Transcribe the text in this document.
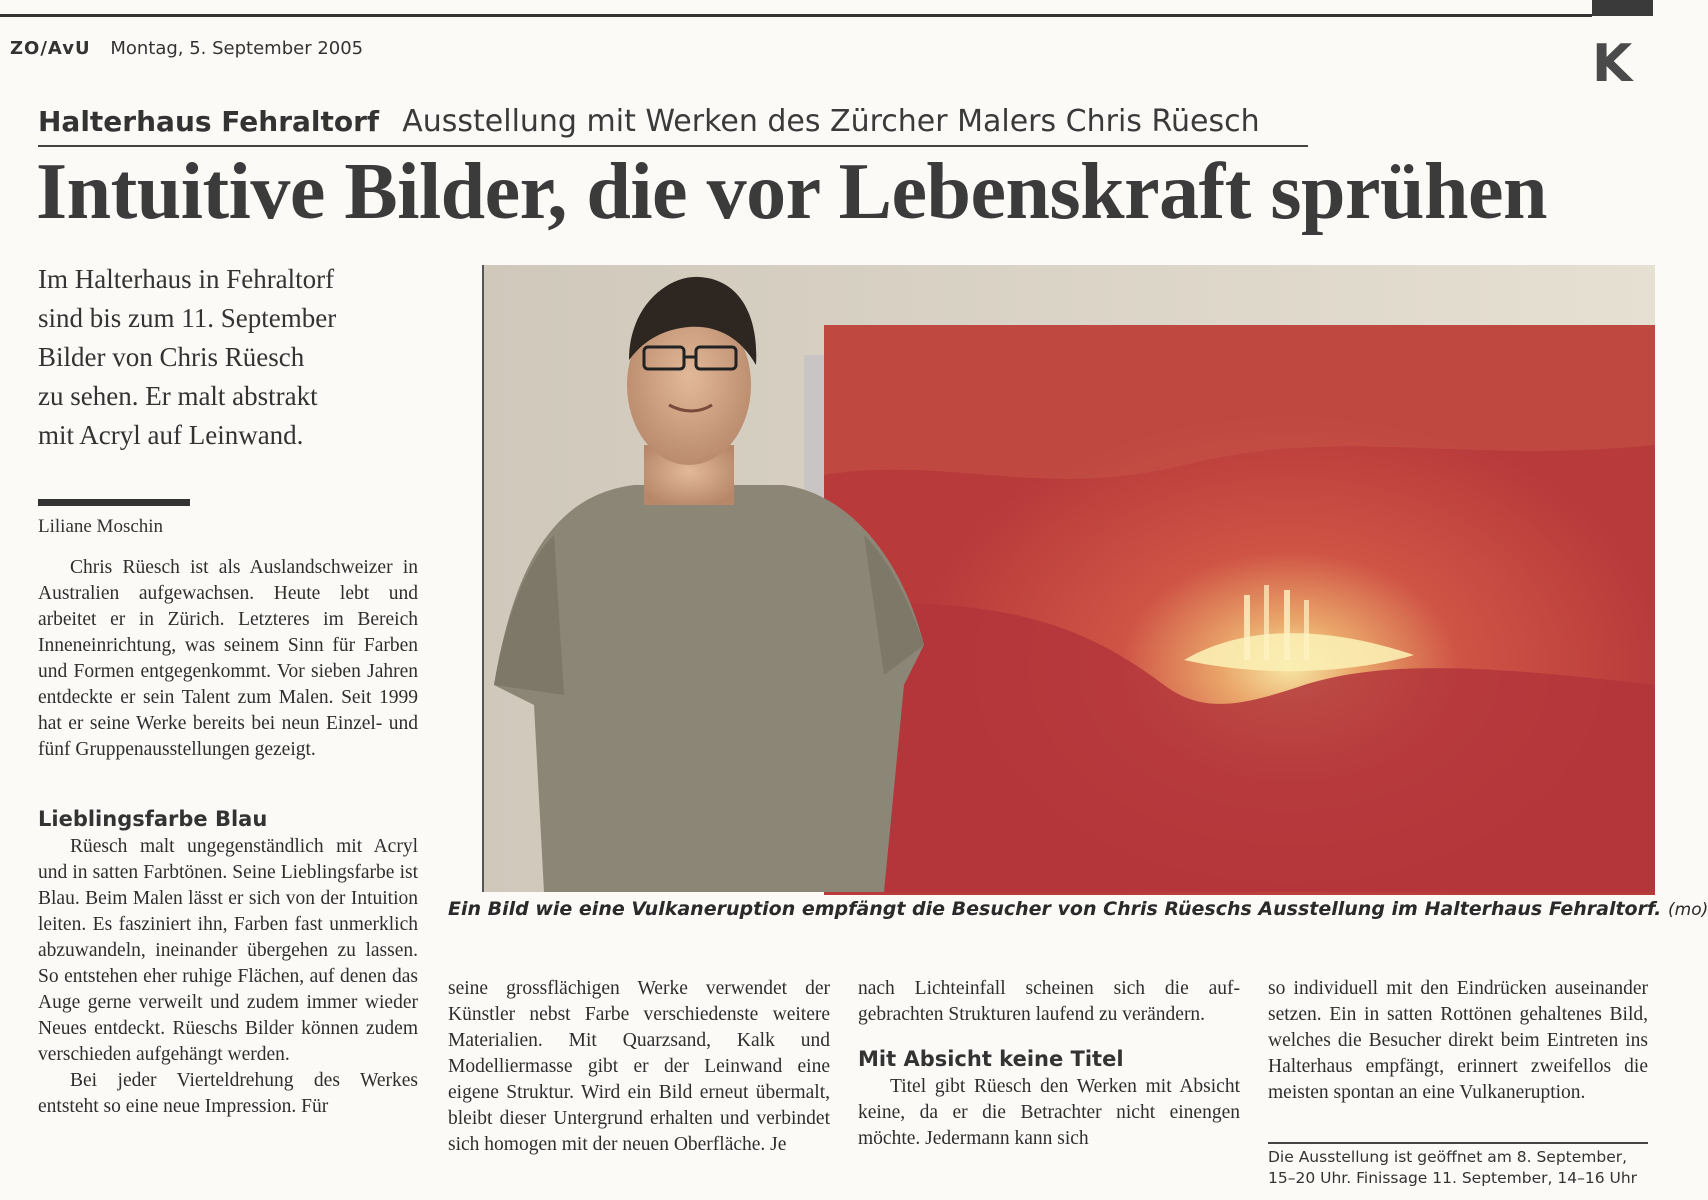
K
ZO/AvU Montag, 5. September 2005
Halterhaus Fehraltorf Ausstellung mit Werken des Zürcher Malers Chris Rüesch
Intuitive Bilder, die vor Lebenskraft sprühen
Im Halterhaus in Fehraltorf
sind bis zum 11. September
Bilder von Chris Rüesch
zu sehen. Er malt abstrakt
mit Acryl auf Leinwand.
Liliane Moschin

Chris Rüesch ist als Auslandschweizer in Australien aufgewachsen. Heute lebt und arbeitet er in Zürich. Letzteres im Bereich Inneneinrichtung, was seinem Sinn für Farben und Formen entgegenkommt. Vor sieben Jahren entdeckte er sein Talent zum Malen. Seit 1999 hat er seine Werke bereits bei neun Einzel- und fünf Gruppenausstellungen gezeigt.

Lieblingsfarbe Blau

Rüesch malt ungegenständlich mit Acryl und in satten Farbtönen. Seine Lieblingsfarbe ist Blau. Beim Malen lässt er sich von der Intuition leiten. Es fasziniert ihn, Farben fast unmerklich abzuwandeln, ineinander übergehen zu lassen. So entstehen eher ruhige Flächen, auf denen das Auge gerne verweilt und zudem immer wieder Neues entdeckt. Rüeschs Bilder können zudem verschieden aufgehängt werden.

Bei jeder Vierteldrehung des Werkes entsteht so eine neue Impression. Für

seine grossflächigen Werke verwendet der Künstler nebst Farbe verschiedenste weitere Materialien. Mit Quarzsand, Kalk und Modelliermasse gibt er der Leinwand eine eigene Struktur. Wird ein Bild erneut übermalt, bleibt dieser Untergrund erhalten und verbindet sich homogen mit der neuen Oberfläche. Je

nach Lichteinfall scheinen sich die aufgebrachten Strukturen laufend zu verändern.

Mit Absicht keine Titel

Titel gibt Rüesch den Werken mit Absicht keine, da er die Betrachter nicht einengen möchte. Jedermann kann sich

so individuell mit den Eindrücken auseinander setzen. Ein in satten Rottönen gehaltenes Bild, welches die Besucher direkt beim Eintreten ins Halterhaus empfängt, erinnert zweifellos die meisten spontan an eine Vulkaneruption.

Die Ausstellung ist geöffnet am 8. September, 15–20 Uhr. Finissage 11. September, 14–16 Uhr
Ein Bild wie eine Vulkaneruption empfängt die Besucher von Chris Rüeschs Ausstellung im Halterhaus Fehraltorf. (mo)
